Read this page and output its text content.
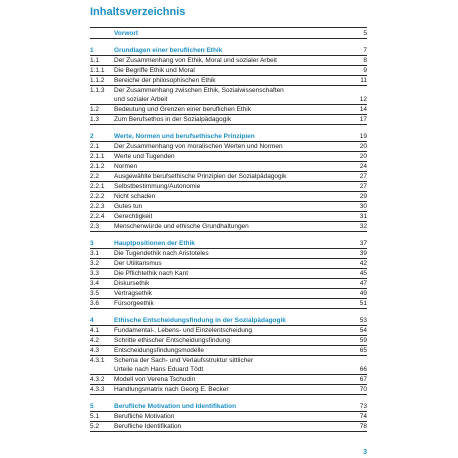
Inhaltsverzeichnis
Vorwort	5
1	Grundlagen einer beruflichen Ethik	7
1.1	Der Zusammenhang von Ethik, Moral und sozialer Arbeit	8
1.1.1	Die Begriffe Ethik und Moral	9
1.1.2	Bereiche der philosophischen Ethik	11
1.1.3	Der Zusammenhang zwischen Ethik, Sozialwissenschaften
und sozialer Arbeit	12
1.2	Bedeutung und Grenzen einer beruflichen Ethik	14
1.3	Zum Berufsethos in der Sozialpädagogik	17
2	Werte, Normen und berufsethische Prinzipien	19
2.1	Der Zusammenhang von moralischen Werten und Normen	20
2.1.1	Werte und Tugenden	20
2.1.2	Normen	24
2.2	Ausgewählte berufsethische Prinzipien der Sozialpädagogik	27
2.2.1	Selbstbestimmung/Autonomie	27
2.2.2	Nicht schaden	29
2.2.3	Gutes tun	30
2.2.4	Gerechtigkeit	31
2.3	Menschenwürde und ethische Grundhaltungen	32
3	Hauptpositionen der Ethik	37
3.1	Die Tugendethik nach Aristoteles	39
3.2	Der Utilitarismus	42
3.3	Die Pflichtethik nach Kant	45
3.4	Diskursethik	47
3.5	Vertragsethik	49
3.6	Fürsorgeethik	51
4	Ethische Entscheidungsfindung in der Sozialpädagogik	53
4.1	Fundamental-, Lebens- und Einzelentscheidung	54
4.2	Schritte ethischer Entscheidungsfindung	59
4.3	Entscheidungsfindungsmodelle	65
4.3.1	Schema der Sach- und Verlaufsstruktur sittlicher
Urteile nach Hans Eduard Tödt	66
4.3.2	Modell von Verena Tschudin	67
4.3.3	Handlungsmatrix nach Georg E. Becker	70
5	Berufliche Motivation und Identifikation	73
5.1	Berufliche Motivation	74
5.2	Berufliche Identifikation	78
3
